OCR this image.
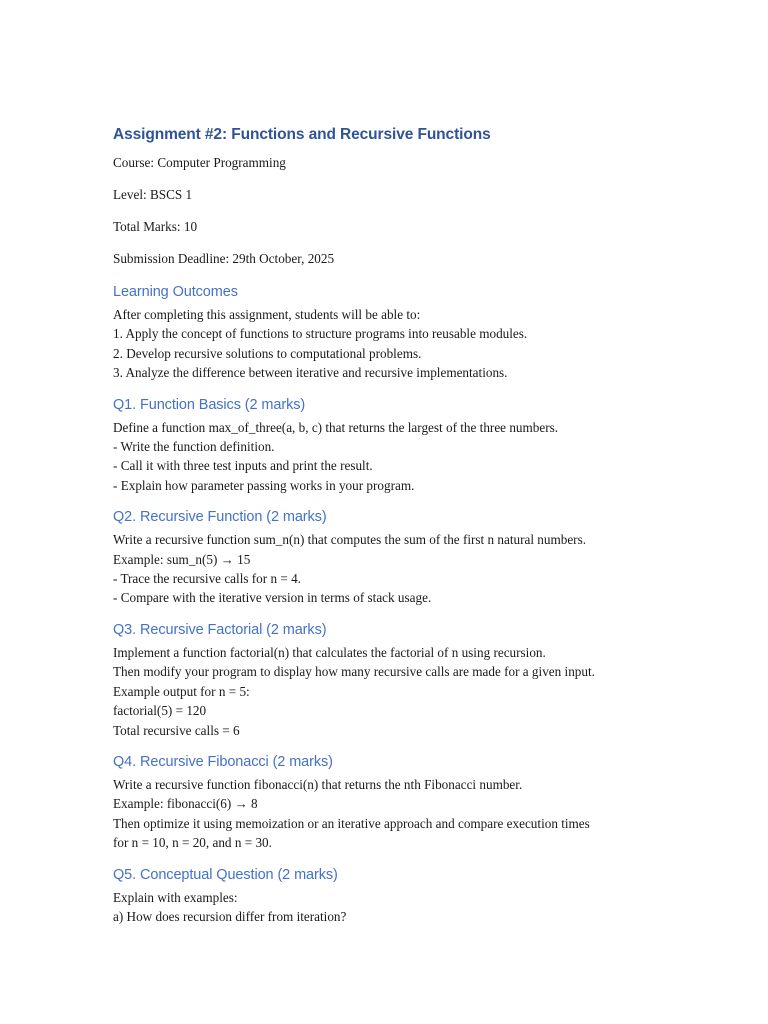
Assignment #2: Functions and Recursive Functions

Course: Computer Programming

Level: BSCS 1

Total Marks: 10

Submission Deadline: 29th October, 2025

Learning Outcomes
After completing this assignment, students will be able to:
1. Apply the concept of functions to structure programs into reusable modules.
2. Develop recursive solutions to computational problems.
3. Analyze the difference between iterative and recursive implementations.
Q1. Function Basics (2 marks)
Define a function max_of_three(a, b, c) that returns the largest of the three numbers.
- Write the function definition.
- Call it with three test inputs and print the result.
- Explain how parameter passing works in your program.
Q2. Recursive Function (2 marks)
Write a recursive function sum_n(n) that computes the sum of the first n natural numbers.
Example: sum_n(5) → 15
- Trace the recursive calls for n = 4.
- Compare with the iterative version in terms of stack usage.
Q3. Recursive Factorial (2 marks)
Implement a function factorial(n) that calculates the factorial of n using recursion.
Then modify your program to display how many recursive calls are made for a given input.
Example output for n = 5:
factorial(5) = 120
Total recursive calls = 6
Q4. Recursive Fibonacci (2 marks)
Write a recursive function fibonacci(n) that returns the nth Fibonacci number.
Example: fibonacci(6) → 8
Then optimize it using memoization or an iterative approach and compare execution times
for n = 10, n = 20, and n = 30.
Q5. Conceptual Question (2 marks)
Explain with examples:
a) How does recursion differ from iteration?
